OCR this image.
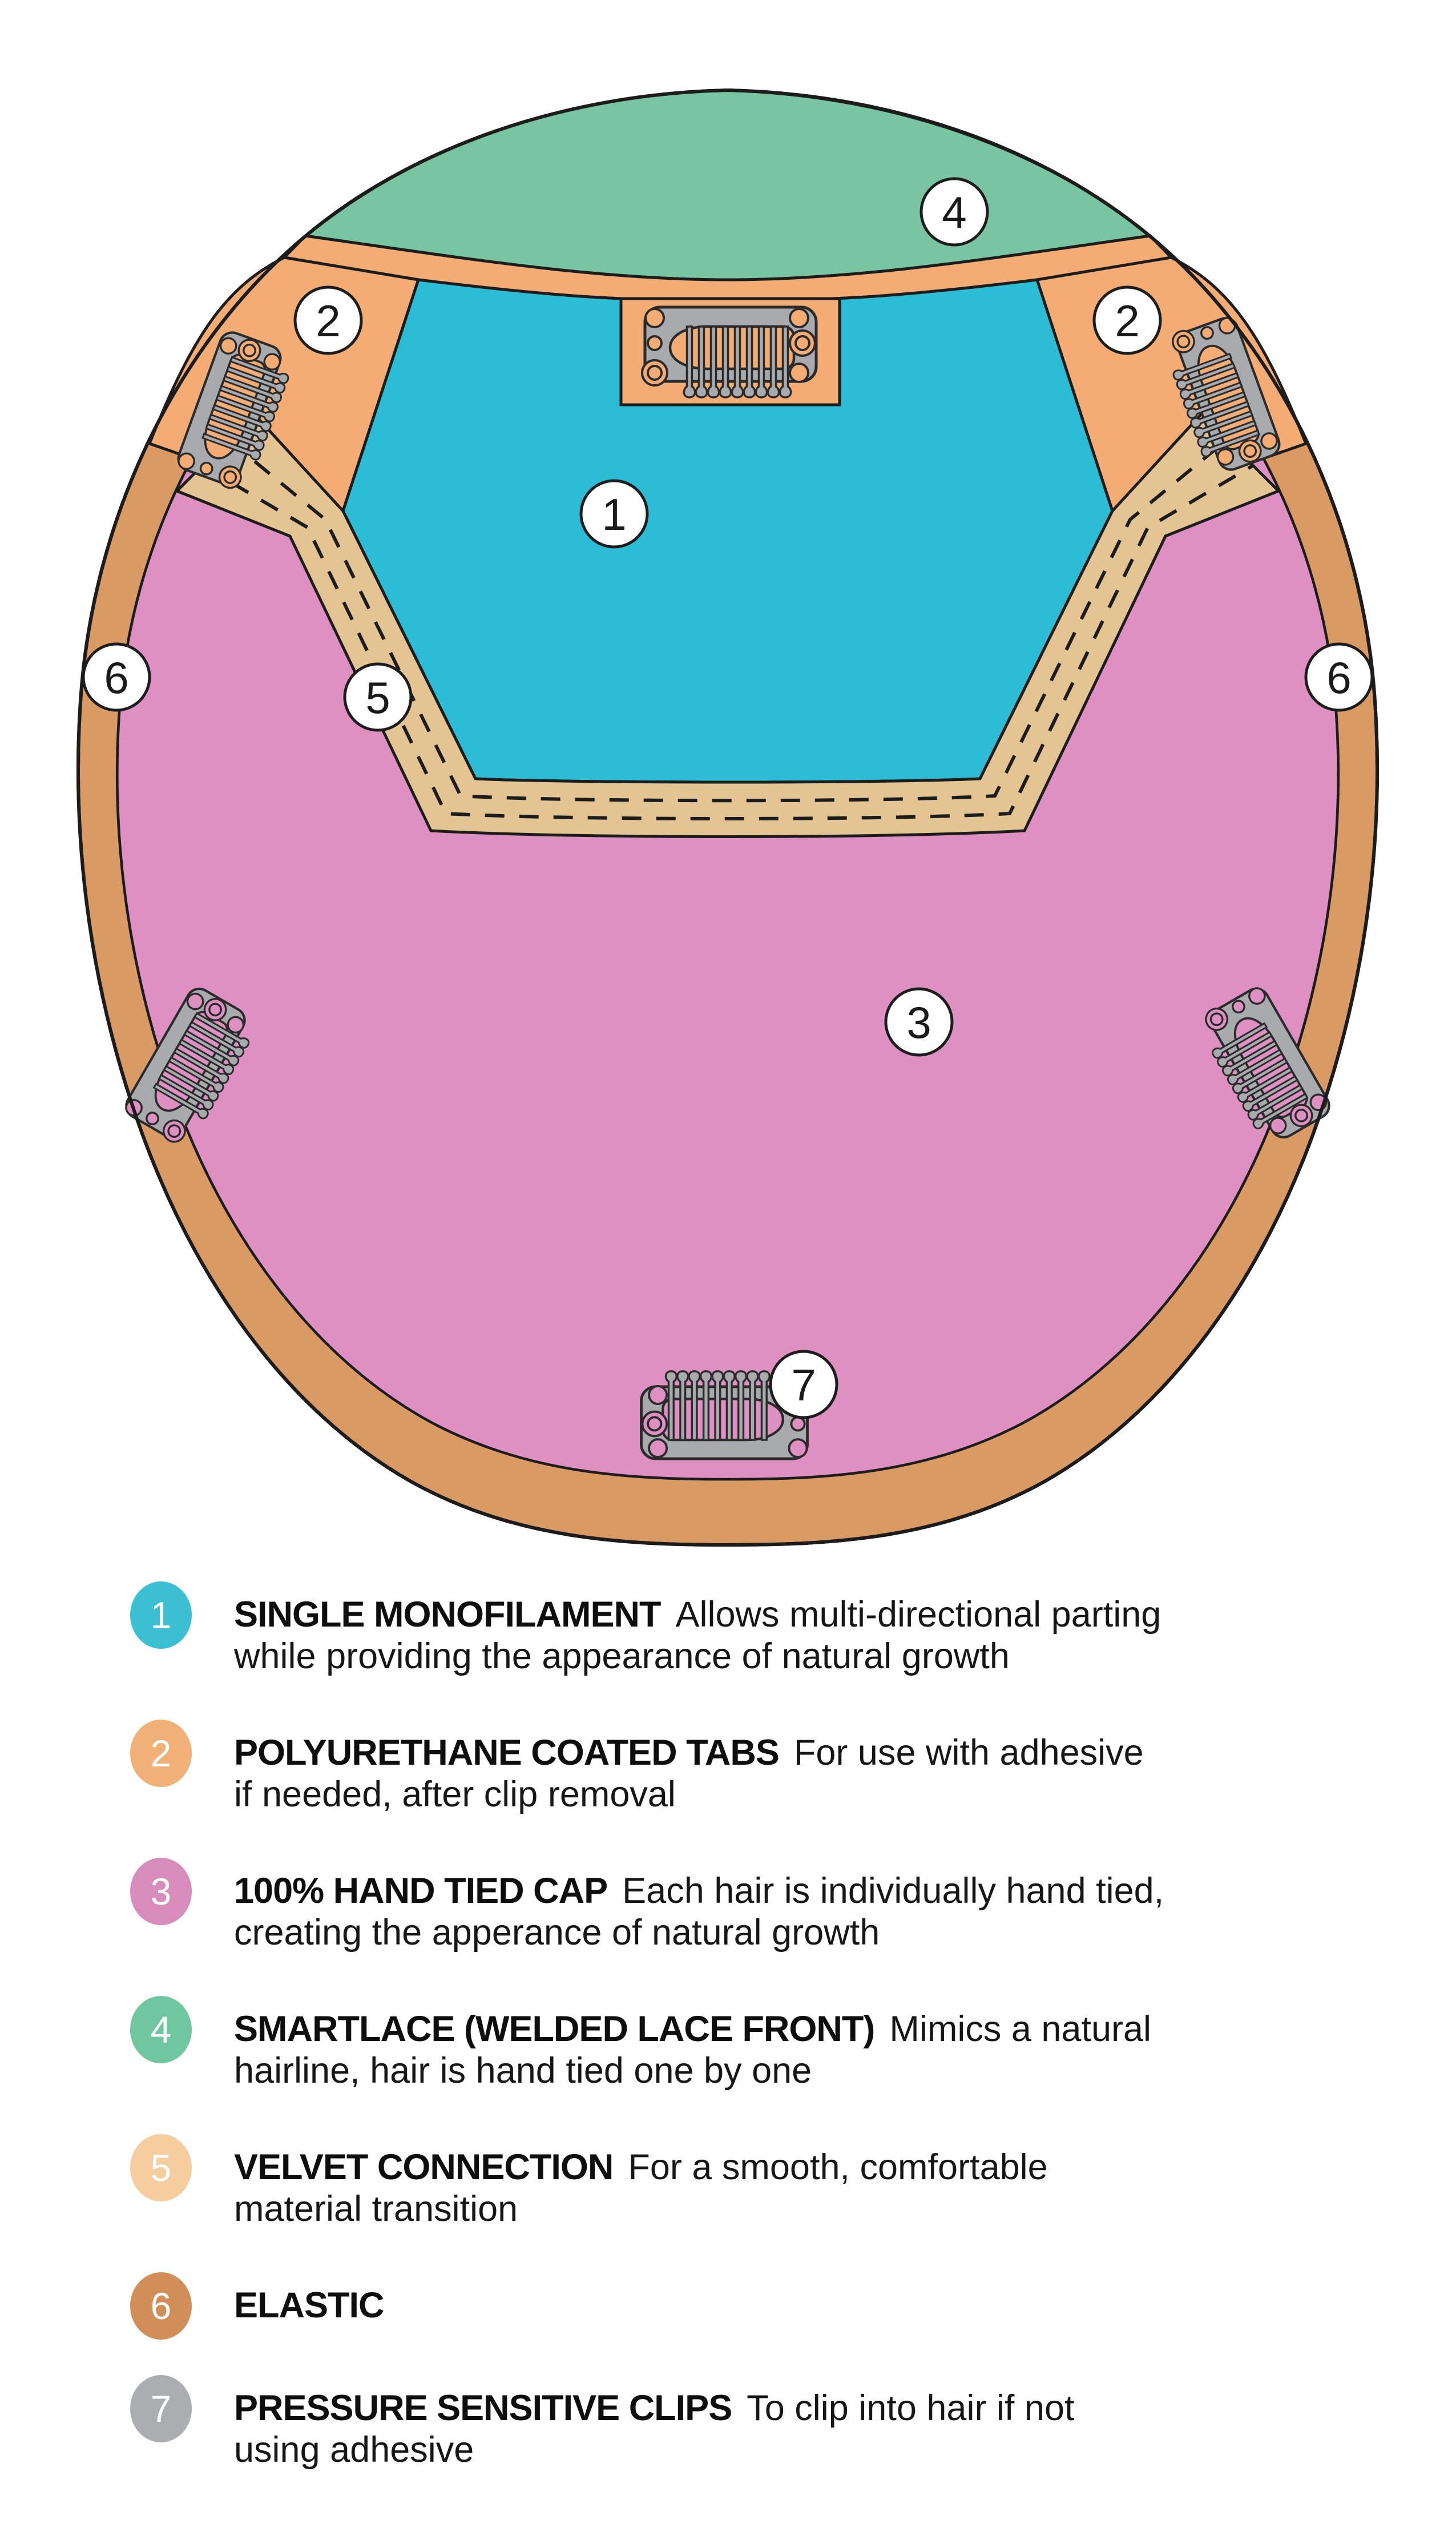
1
2	2
3
4
5
6	6
7
1	SINGLE MONOFILAMENT Allows multi-directional parting
while providing the appearance of natural growth
2	POLYURETHANE COATED TABS For use with adhesive
if needed, after clip removal
3	100% HAND TIED CAP Each hair is individually hand tied,
creating the apperance of natural growth
4	SMARTLACE (WELDED LACE FRONT) Mimics a natural
hairline, hair is hand tied one by one
5	VELVET CONNECTION For a smooth, comfortable
material transition
6	ELASTIC
7	PRESSURE SENSITIVE CLIPS To clip into hair if not
using adhesive
